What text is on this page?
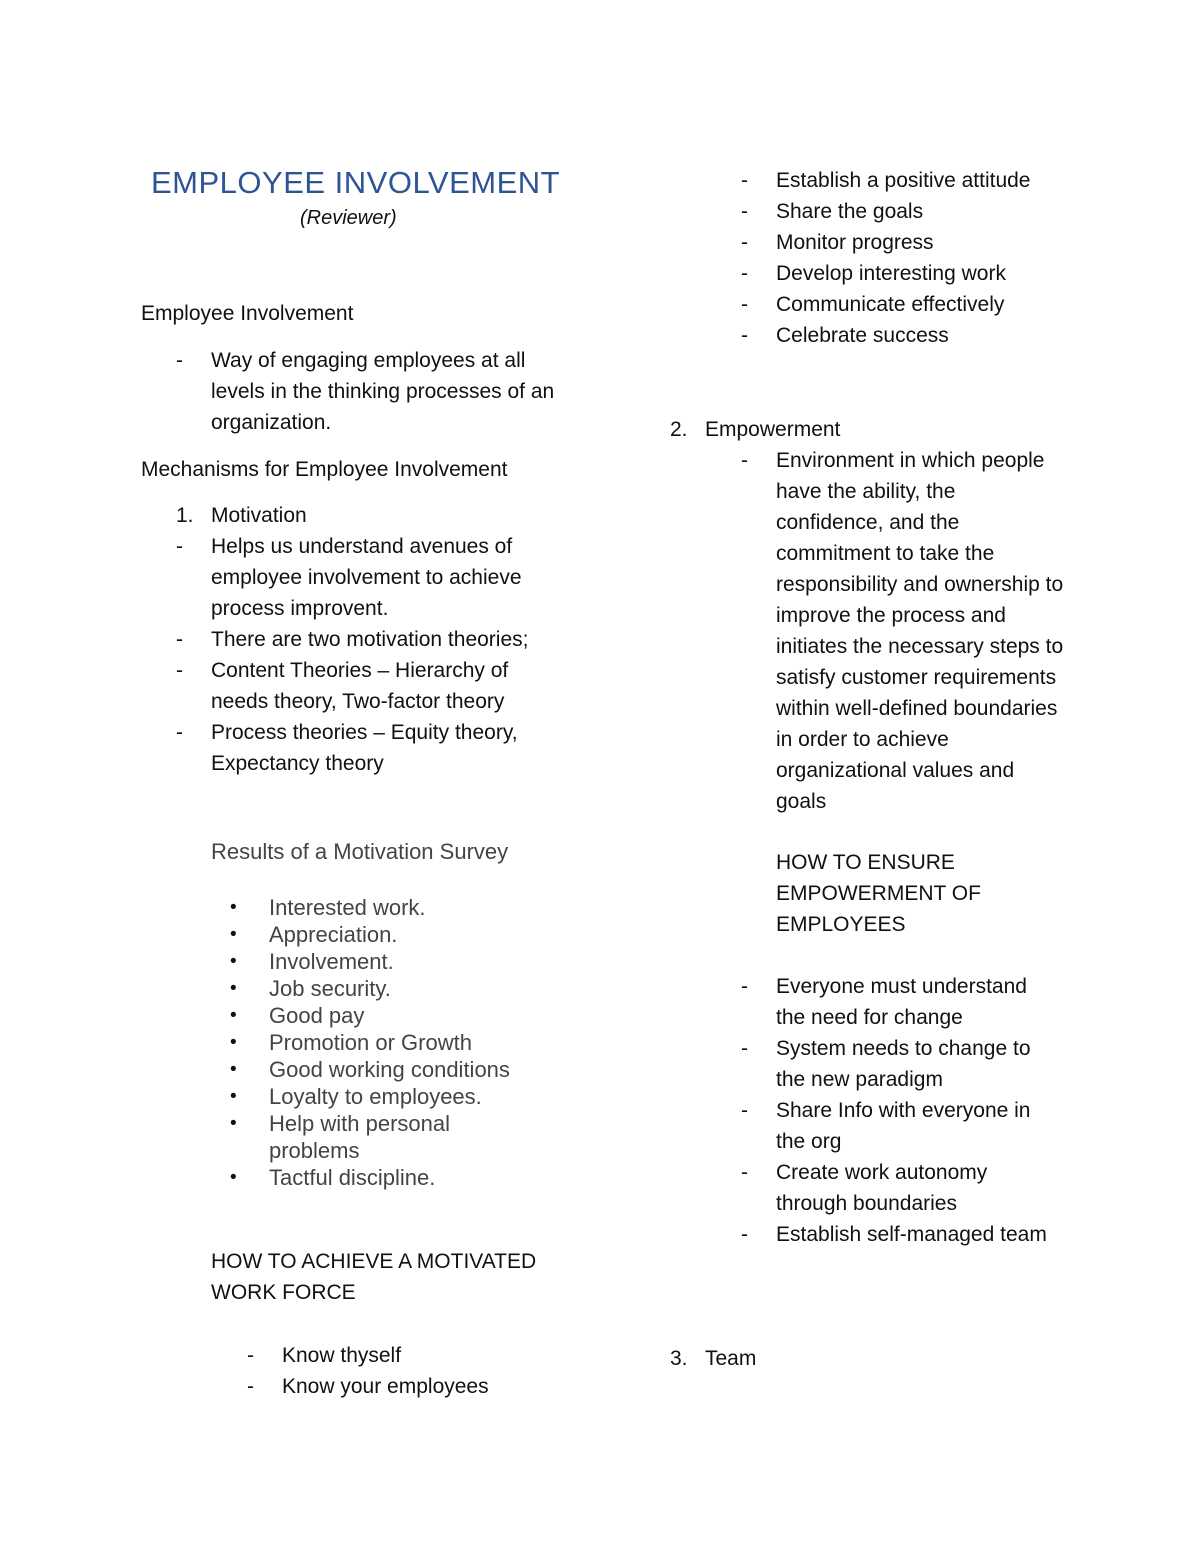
EMPLOYEE INVOLVEMENT
(Reviewer)
Employee Involvement
- Way of engaging employees at all levels in the thinking processes of an organization.
Mechanisms for Employee Involvement
1. Motivation
- Helps us understand avenues of employee involvement to achieve process improvent.
- There are two motivation theories;
- Content Theories – Hierarchy of needs theory, Two-factor theory
- Process theories – Equity theory, Expectancy theory
Results of a Motivation Survey
• Interested work.
• Appreciation.
• Involvement.
• Job security.
• Good pay
• Promotion or Growth
• Good working conditions
• Loyalty to employees.
• Help with personal problems
• Tactful discipline.
HOW TO ACHIEVE A MOTIVATED WORK FORCE
- Know thyself
- Know your employees
- Establish a positive attitude
- Share the goals
- Monitor progress
- Develop interesting work
- Communicate effectively
- Celebrate success
2. Empowerment
- Environment in which people have the ability, the confidence, and the commitment to take the responsibility and ownership to improve the process and initiates the necessary steps to satisfy customer requirements within well-defined boundaries in order to achieve organizational values and goals
HOW TO ENSURE EMPOWERMENT OF EMPLOYEES
- Everyone must understand the need for change
- System needs to change to the new paradigm
- Share Info with everyone in the org
- Create work autonomy through boundaries
- Establish self-managed team
3. Team
